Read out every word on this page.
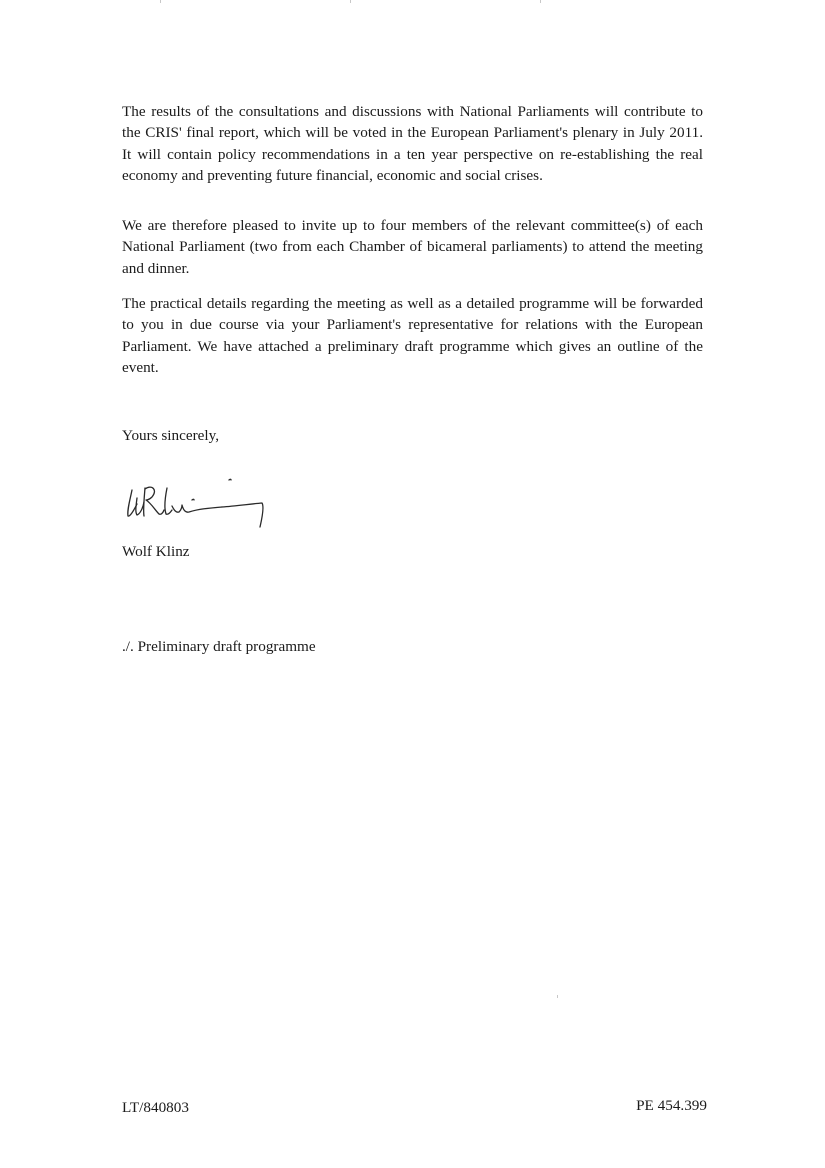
The results of the consultations and discussions with National Parliaments will contribute to the CRIS' final report, which will be voted in the European Parliament's plenary in July 2011. It will contain policy recommendations in a ten year perspective on re-establishing the real economy and preventing future financial, economic and social crises.

We are therefore pleased to invite up to four members of the relevant committee(s) of each National Parliament (two from each Chamber of bicameral parliaments) to attend the meeting and dinner.

The practical details regarding the meeting as well as a detailed programme will be forwarded to you in due course via your Parliament's representative for relations with the European Parliament. We have attached a preliminary draft programme which gives an outline of the event.

Yours sincerely,

Wolf Klinz

./. Preliminary draft programme

LT/840803	PE 454.399
